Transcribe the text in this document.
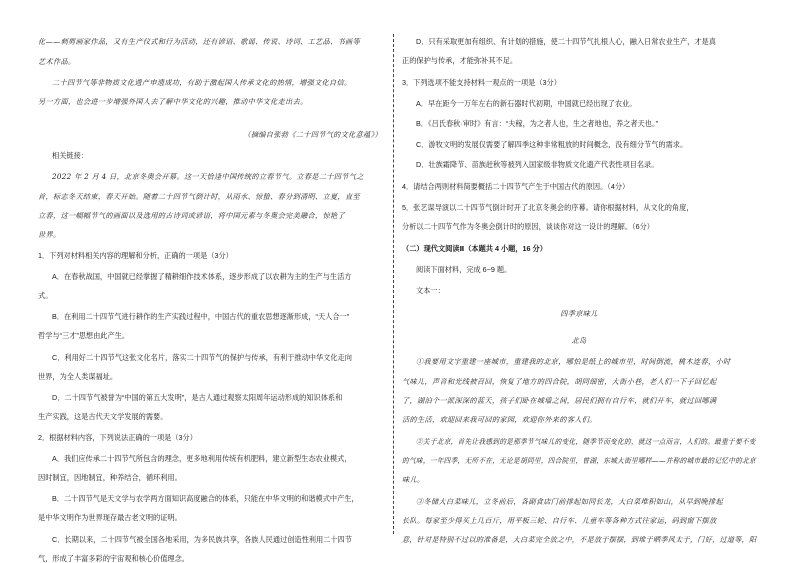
化——刺剪画家作品，又有生产仪式和行为活动，还有谚语、歌谣、传说、诗词、工艺品、书画等
艺术作品。
二十四节气等非物质文化遗产申遗成功，有助于激起国人传承文化的热情，增强文化自信。
另一方面，也会进一步增强外国人去了解中华文化的兴趣，推动中华文化走出去。
（摘编自张勃《二十四节气的文化意蕴》）
相关链接：
2022 年 2 月 4 日，北京冬奥会开幕。这一天恰逢中国传统的立春节气。立春是二十四节气之
首，标志冬天结束，春天开始。随着二十四节气倒计时，从雨水、惊蛰、春分到清明、立夏，直至
立春，这一幅幅节气的画面以及选用的古诗词或谚语，将中国元素与冬奥会完美融合，惊艳了
世界。
1．下列对材料相关内容的理解和分析，正确的一项是（3分）
A．在春秋战国，中国就已经掌握了精耕细作技术体系，逐步形成了以农耕为主的生产与生活方
式。
B．在利用二十四节气进行耕作的生产实践过程中，中国古代的重农思想逐渐形成，“天人合一”
哲学与“三才”思想由此产生。
C．利用好二十四节气这张文化名片，落实二十四节气的保护与传承，有利于推动中华文化走向
世界，为全人类谋福址。
D．二十四节气被誉为“中国的第五大发明”，是古人通过观察太阳周年运动形成的知识体系和
生产实践，这是古代天文学发展的需要。
2．根据材料内容，下列说法正确的一项是（3分）
A．我们应传承二十四节气所包含的理念，更多地利用传统有机肥料，建立新型生态农业模式，
因时制宜，因地制宜，种养结合，循环利用。
B．二十四节气是天文学与农学两方面知识高度融合的体系，只能在中华文明的和谐模式中产生，
是中华文明作为世界现存最古老文明的证明。
C．长期以来，二十四节气被全国各地采用，为多民族共享，各族人民通过创造性利用二十四节
气，形成了丰富多彩的宇宙观和核心价值理念。
D．只有采取更加有组织、有计划的措施，使二十四节气扎根人心，融入日常农业生产，才是真
正的保护与传承，才能弥补其不足。
3．下列选项不能支持材料一观点的一项是（3分）
A．早在距今一万年左右的新石器时代初期，中国就已经出现了农业。
B．《吕氏春秋·审时》有言：“夫稼，为之者人也，生之者地也，养之者天也。”
C．游牧文明的发展仅需要了解四季这种非常粗放的时间概念，没有细分节气的需求。
D．壮族霜降节、苗族赶秋等被列入国家级非物质文化遗产代表性项目名录。
4．请结合两则材料简要概括二十四节气产生于中国古代的原因。（4分）
5．张艺谋导演以二十四节气倒计时开了北京冬奥会的序幕。请你根据材料，从文化的角度，
分析以二十四节气作为冬奥会倒计时的原因，谈谈你对这一设计的理解。（6分）
（二）现代文阅读Ⅱ（本题共 4 小题，16 分）
阅读下面材料，完成 6~9 题。
文本一：
四季京味儿
北岛
①我要用文字重建一座城市，重建我的北京，哪怕是纸上的城市里，时间倒流，桃木连春，小时
气味儿，声音和光线被召回，恢复了地方的四合院，胡同细密，大街小巷，老人们一下子回忆起
了，湖泊个一派深深的蓝天，孩子们卧在城墙之间，居民们拥有自行车，就们开车，就过回哪满
活的生活，欢迎回来我可回的家园，欢迎你外来的客人们。
②关于北京，首先让我感到的是那季节气味儿的变化，随季节而变化的，就这一点而言，人们的。最重于要不变
的气味，一年四季，无所不在，无论是胡同里，四合院里，曾湖，东城大街里哪样——并称的城市最的记忆中的北京
味儿。
③冬储大白菜味儿，立冬前后，各副食店门前排起如同长龙，大白菜堆积如山，从早到晚排起
长队。每家至少得买上几百斤，用平板三轮、自行车、儿童车等各种方式往家运，码到窗下摆放
意，针对是特别不过以的准备是，大白菜完全放之中，不是放于摆摆，到堆于晒季风太于，门好，过道等，阳
